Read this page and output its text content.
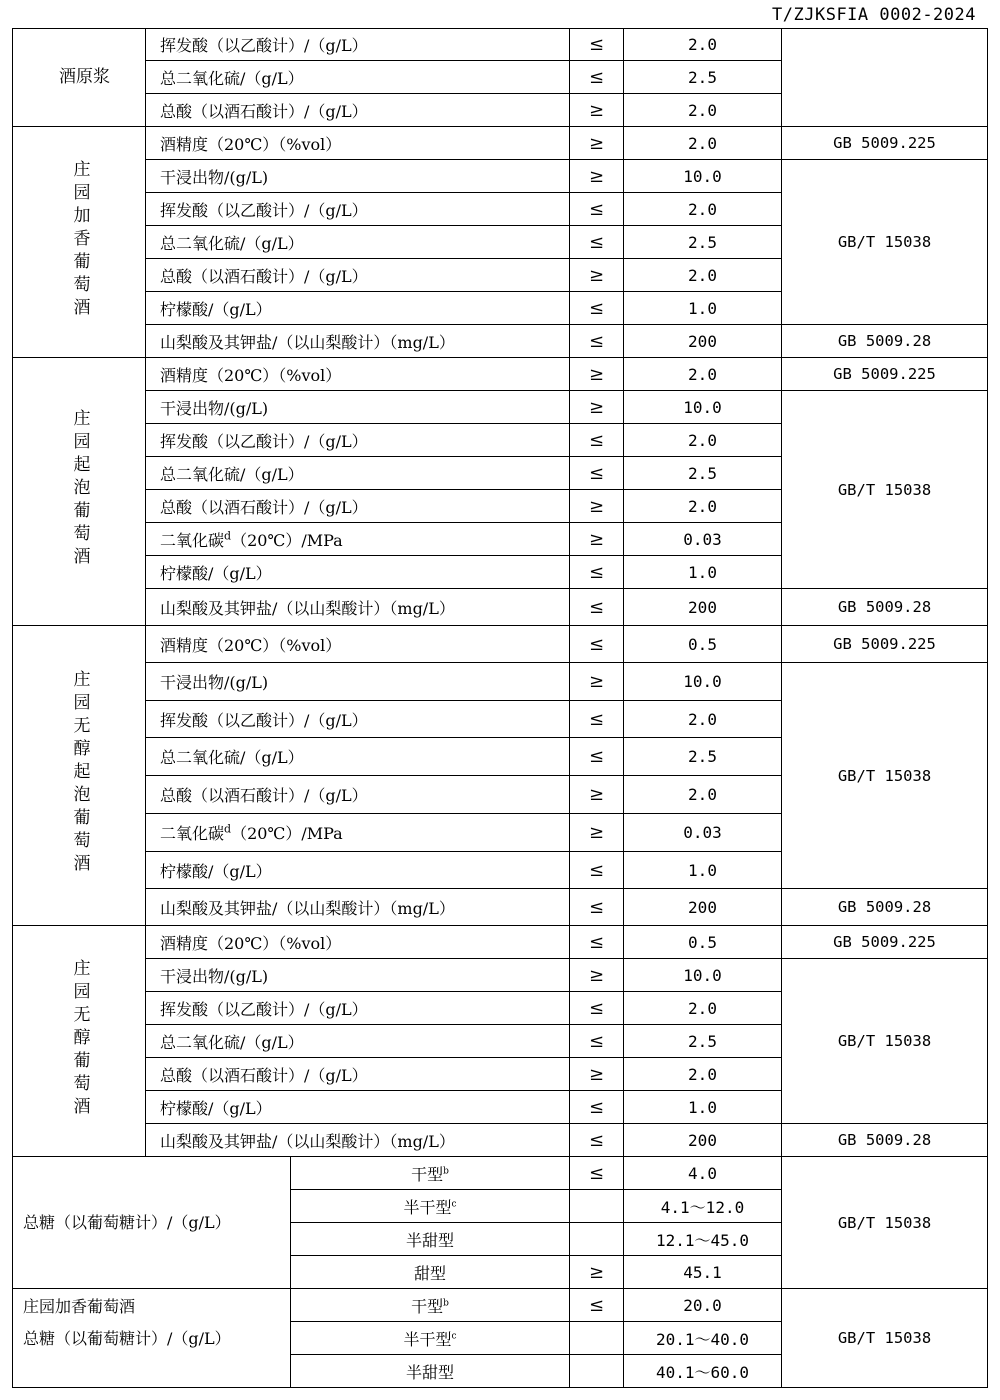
T/ZJKSFIA 0002-2024
酒原浆	挥发酸（以乙酸计）/（g/L）		≤	2.0	
	总二氧化硫/（g/L）		≤	2.5	
	总酸（以酒石酸计）/（g/L）		≥	2.0	
庄园加香葡萄酒	酒精度（20℃）（%vol）		≥	2.0	GB 5009.225
	干浸出物/(g/L)		≥	10.0	GB/T 15038
	挥发酸（以乙酸计）/（g/L）		≤	2.0	
	总二氧化硫/（g/L）		≤	2.5	
	总酸（以酒石酸计）/（g/L）		≥	2.0	
	柠檬酸/（g/L）		≤	1.0	
	山梨酸及其钾盐/（以山梨酸计）（mg/L）		≤	200	GB 5009.28
庄园起泡葡萄酒	酒精度（20℃）（%vol）		≥	2.0	GB 5009.225
	干浸出物/(g/L)		≥	10.0	GB/T 15038
	挥发酸（以乙酸计）/（g/L）		≤	2.0	
	总二氧化硫/（g/L）		≤	2.5	
	总酸（以酒石酸计）/（g/L）		≥	2.0	
	二氧化碳$^d$（20℃）/MPa		≥	0.03	
	柠檬酸/（g/L）		≤	1.0	
	山梨酸及其钾盐/（以山梨酸计）（mg/L）		≤	200	GB 5009.28
庄园无醇起泡葡萄酒	酒精度（20℃）（%vol）		≤	0.5	GB 5009.225
	干浸出物/(g/L)		≥	10.0	GB/T 15038
	挥发酸（以乙酸计）/（g/L）		≤	2.0	
	总二氧化硫/（g/L）		≤	2.5	
	总酸（以酒石酸计）/（g/L）		≥	2.0	
	二氧化碳$^d$（20℃）/MPa		≥	0.03	
	柠檬酸/（g/L）		≤	1.0	
	山梨酸及其钾盐/（以山梨酸计）（mg/L）		≤	200	GB 5009.28
庄园无醇葡萄酒	酒精度（20℃）（%vol）		≤	0.5	GB 5009.225
	干浸出物/(g/L)		≥	10.0	GB/T 15038
	挥发酸（以乙酸计）/（g/L）		≤	2.0	
	总二氧化硫/（g/L）		≤	2.5	
	总酸（以酒石酸计）/（g/L）		≥	2.0	
	柠檬酸/（g/L）		≤	1.0	
	山梨酸及其钾盐/（以山梨酸计）（mg/L）		≤	200	GB 5009.28
总糖（以葡萄糖计）/（g/L）		干型$^b$	≤	4.0	GB/T 15038
		半干型$^c$		4.1～12.0	
		半甜型		12.1～45.0	
		甜型	≥	45.1	

庄园加香葡萄酒
总糖（以葡萄糖计）/（g/L）		干型$^b$	≤	20.0	GB/T 15038
		半干型$^c$		20.1～40.0	
		半甜型		40.1～60.0	
